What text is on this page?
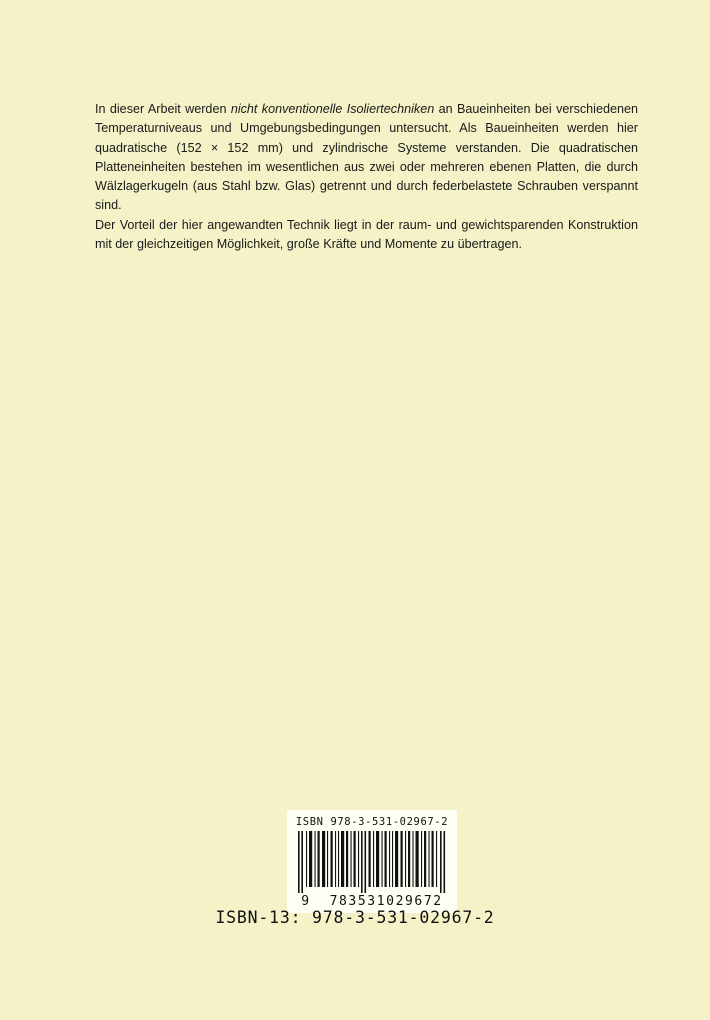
In dieser Arbeit werden nicht konventionelle Isoliertechniken an Baueinheiten bei verschiedenen Temperaturniveaus und Umgebungsbedingungen untersucht. Als Baueinheiten werden hier quadratische (152 × 152 mm) und zylindrische Systeme verstanden. Die quadratischen Platteneinheiten bestehen im wesentlichen aus zwei oder mehreren ebenen Platten, die durch Wälzlagerkugeln (aus Stahl bzw. Glas) getrennt und durch federbelastete Schrauben verspannt sind.

Der Vorteil der hier angewandten Technik liegt in der raum- und gewichtsparenden Konstruktion mit der gleichzeitigen Möglichkeit, große Kräfte und Momente zu übertragen.

ISBN 978-3-531-02967-2
9 783531029672
ISBN-13: 978-3-531-02967-2
